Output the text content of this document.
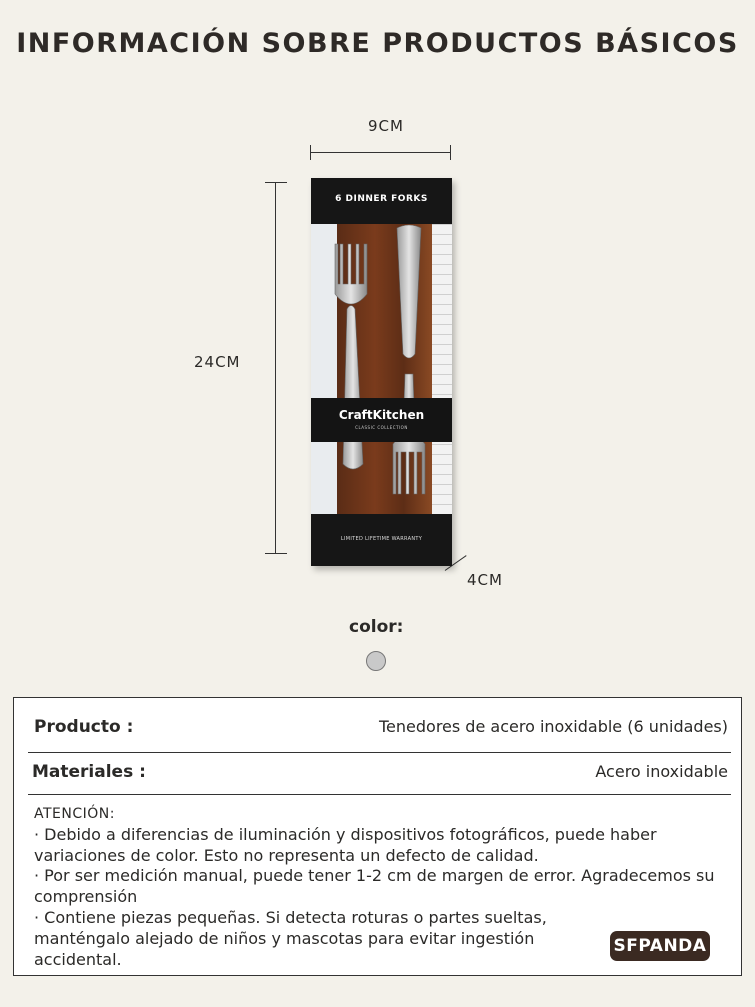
INFORMACIÓN SOBRE PRODUCTOS BÁSICOS
9CM
24CM
4CM
6 DINNER FORKS
CraftKitchen
CLASSIC COLLECTION
LIMITED LIFETIME WARRANTY
color:
Producto :	Tenedores de acero inoxidable (6 unidades)
Materiales :	Acero inoxidable
ATENCIÓN:
· Debido a diferencias de iluminación y dispositivos fotográficos, puede haber variaciones de color. Esto no representa un defecto de calidad.
· Por ser medición manual, puede tener 1-2 cm de margen de error. Agradecemos su comprensión
· Contiene piezas pequeñas. Si detecta roturas o partes sueltas, manténgalo alejado de niños y mascotas para evitar ingestión accidental.
SFPANDA
